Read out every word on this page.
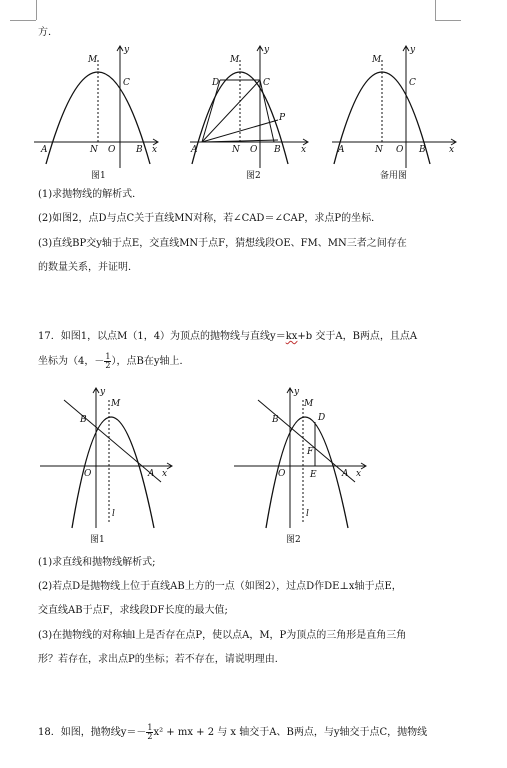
方．
A	N O B x
y
M
C
图1
A	N O B x
y
M
D	C
P
图2
A	N O B	x
y
M
C
备用图
(1)求抛物线的解析式．
(2)如图2，点D与点C关于直线MN对称，若∠CAD＝∠CAP，求点P的坐标．
(3)直线BP交y轴于点E，交直线MN于点F，猜想线段OE、FM、MN三者之间存在
的数量关系，并证明．
17．如图1，以点M（1，4）为顶点的抛物线与直线y＝kx+b 交于A，B两点，且点A
坐标为（4，－ $\frac{1}{2}$ ），点B在y轴上．
O
B
M
A x
y
l
图1
O
B
M
D
F
E	A x
y
l
图2
(1)求直线和抛物线解析式;
(2)若点D是抛物线上位于直线AB上方的一点（如图2），过点D作DE⊥x轴于点E，
交直线AB于点F，求线段DF长度的最大值;
(3)在抛物线的对称轴l上是否存在点P，使以点A，M，P为顶点的三角形是直角三角
形？若存在，求出点P的坐标；若不存在，请说明理由．
18．如图，抛物线$y=- \frac{1}{2} x^2$ + mx + 2 与 x 轴交于A、B两点，与y轴交于点C，抛物线
